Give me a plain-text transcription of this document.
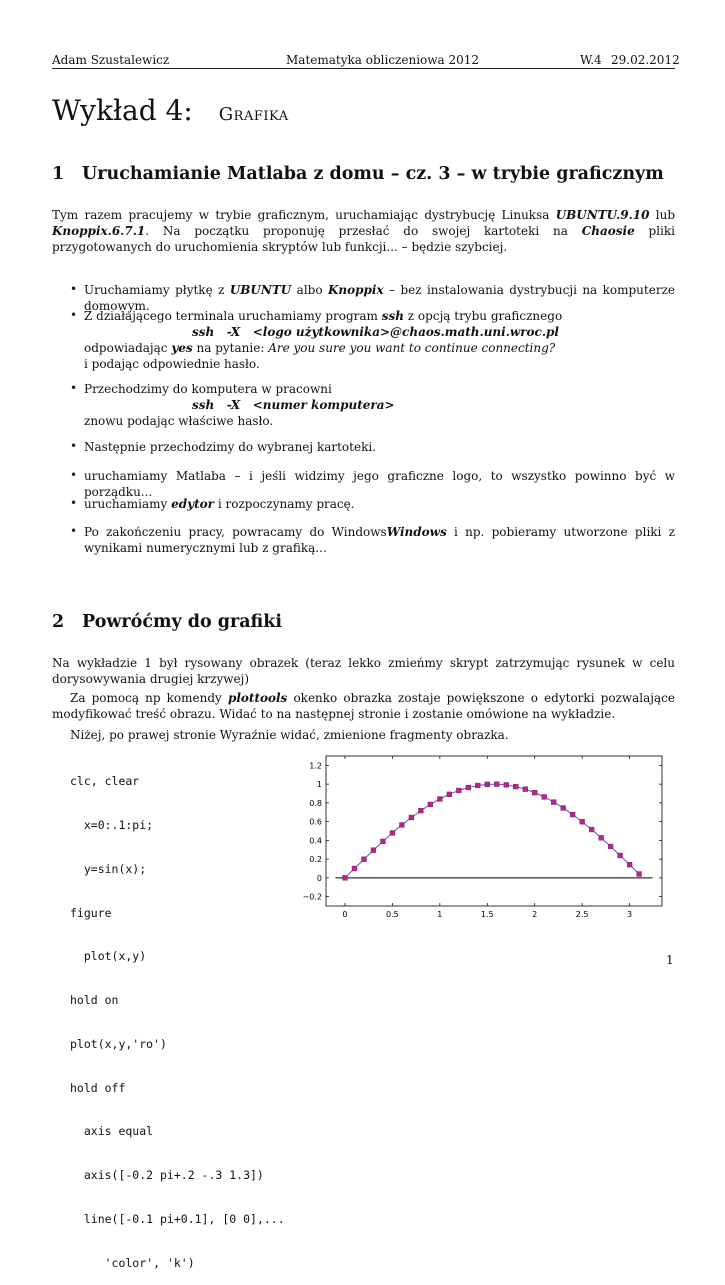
Adam Szustalewicz	Matematyka obliczeniowa 2012	W.4 29.02.2012
Wykład 4: Grafika
1 Uruchamianie Matlaba z domu – cz. 3 – w trybie graficznym
Tym razem pracujemy w trybie graficznym, uruchamiając dystrybucję Linuksa UBUNTU.9.10 lub Knoppix.6.7.1. Na początku proponuję przesłać do swojej kartoteki na Chaosie pliki przygotowanych do uruchomienia skryptów lub funkcji... – będzie szybciej.
• Uruchamiamy płytkę z UBUNTU albo Knoppix – bez instalowania dystrybucji na komputerze domowym.
• Z działającego terminala uruchamiamy program ssh z opcją trybu graficznego
ssh   -X   <logo użytkownika>@chaos.math.uni.wroc.pl
odpowiadając yes na pytanie: Are you sure you want to continue connecting?
i podając odpowiednie hasło.
• Przechodzimy do komputera w pracowni
ssh   -X   <numer komputera>
znowu podając właściwe hasło.
• Następnie przechodzimy do wybranej kartoteki.
• uruchamiamy Matlaba – i jeśli widzimy jego graficzne logo, to wszystko powinno być w porządku...
• uruchamiamy edytor i rozpoczynamy pracę.
• Po zakończeniu pracy, powracamy do WindowsWindows i np. pobieramy utworzone pliki z wynikami numerycznymi lub z grafiką...
2 Powróćmy do grafiki
Na wykładzie 1 był rysowany obrazek (teraz lekko zmieńmy skrypt zatrzymując rysunek w celu dorysowywania drugiej krzywej)
Za pomocą np komendy plottools okenko obrazka zostaje powiększone o edytorki pozwalające modyfikować treść obrazu. Widać to na następnej stronie i zostanie omówione na wykładzie.
Niżej, po prawej stronie Wyraźnie widać, zmienione fragmenty obrazka.

clc, clear

x=0:.1:pi;

y=sin(x);

figure

plot(x,y)

hold on

plot(x,y,'ro')

hold off

axis equal

axis([-0.2 pi+.2 -.3 1.3])

line([-0.1 pi+0.1], [0 0],...

'color', 'k')

0	0.5	1	1.5	2	2.5	3
−0.2
0
0.2
0.4
0.6
0.8
1
1.2
1
